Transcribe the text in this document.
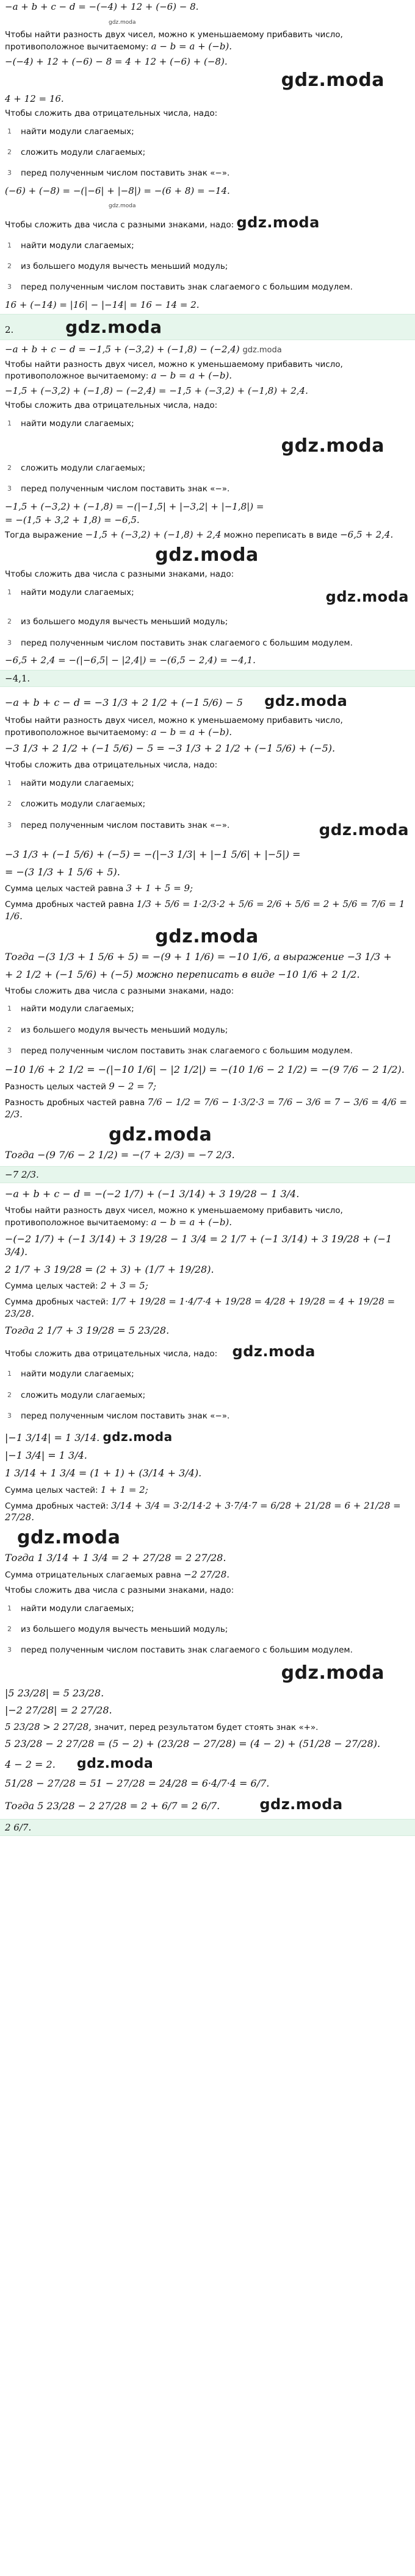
−a + b + c − d = −(−4) + 12 + (−6) − 8.
gdz.moda
Чтобы найти разность двух чисел, можно к уменьшаемому прибавить число, противоположное вычитаемому: a − b = a + (−b).
−(−4) + 12 + (−6) − 8 = 4 + 12 + (−6) + (−8).
gdz.moda
4 + 12 = 16.
Чтобы сложить два отрицательных числа, надо:
1	найти модули слагаемых;
2	сложить модули слагаемых;
3	перед полученным числом поставить знак «−».
(−6) + (−8) = −(|−6| + |−8|) = −(6 + 8) = −14.
gdz.moda
Чтобы сложить два числа с разными знаками, надо: gdz.moda
1	найти модули слагаемых;
2	из большего модуля вычесть меньший модуль;
3	перед полученным числом поставить знак слагаемого с большим модулем.
16 + (−14) = |16| − |−14| = 16 − 14 = 2.
2.	gdz.moda
−a + b + c − d = −1,5 + (−3,2) + (−1,8) − (−2,4) gdz.moda
Чтобы найти разность двух чисел, можно к уменьшаемому прибавить число, противоположное вычитаемому: a − b = a + (−b).
−1,5 + (−3,2) + (−1,8) − (−2,4) = −1,5 + (−3,2) + (−1,8) + 2,4.
Чтобы сложить два отрицательных числа, надо:
1	найти модули слагаемых;
gdz.moda
2	сложить модули слагаемых;
3	перед полученным числом поставить знак «−».
−1,5 + (−3,2) + (−1,8) = −(|−1,5| + |−3,2| + |−1,8|) =
= −(1,5 + 3,2 + 1,8) = −6,5.
Тогда выражение −1,5 + (−3,2) + (−1,8) + 2,4 можно переписать в виде −6,5 + 2,4.
gdz.moda
Чтобы сложить два числа с разными знаками, надо:
1	найти модули слагаемых;	gdz.moda
2	из большего модуля вычесть меньший модуль;
3	перед полученным числом поставить знак слагаемого с большим модулем.
−6,5 + 2,4 = −(|−6,5| − |2,4|) = −(6,5 − 2,4) = −4,1.
−4,1.
−a + b + c − d = −3 1/3 + 2 1/2 + (−1 5/6) − 5 gdz.moda
Чтобы найти разность двух чисел, можно к уменьшаемому прибавить число, противоположное вычитаемому: a − b = a + (−b).
−3 1/3 + 2 1/2 + (−1 5/6) − 5 = −3 1/3 + 2 1/2 + (−1 5/6) + (−5).
Чтобы сложить два отрицательных числа, надо:
1	найти модули слагаемых;
2	сложить модули слагаемых;
3	перед полученным числом поставить знак «−».	gdz.moda
−3 1/3 + (−1 5/6) + (−5) = −(|−3 1/3| + |−1 5/6| + |−5|) =
= −(3 1/3 + 1 5/6 + 5).
Сумма целых частей равна 3 + 1 + 5 = 9;
Сумма дробных частей равна 1/3 + 5/6 = 1·2/3·2 + 5/6 = 2/6 + 5/6 = 2 + 5/6 = 7/6 = 1 1/6.
gdz.moda
Тогда −(3 1/3 + 1 5/6 + 5) = −(9 + 1 1/6) = −10 1/6, а выражение −3 1/3 +
+ 2 1/2 + (−1 5/6) + (−5) можно переписать в виде −10 1/6 + 2 1/2.
Чтобы сложить два числа с разными знаками, надо:
1	найти модули слагаемых;
2	из большего модуля вычесть меньший модуль;
3	перед полученным числом поставить знак слагаемого с большим модулем.
−10 1/6 + 2 1/2 = −(|−10 1/6| − |2 1/2|) = −(10 1/6 − 2 1/2) = −(9 7/6 − 2 1/2).
Разность целых частей 9 − 2 = 7;
Разность дробных частей равна 7/6 − 1/2 = 7/6 − 1·3/2·3 = 7/6 − 3/6 = 7 − 3/6 = 4/6 = 2/3.
gdz.moda
Тогда −(9 7/6 − 2 1/2) = −(7 + 2/3) = −7 2/3.
−7 2/3.
−a + b + c − d = −(−2 1/7) + (−1 3/14) + 3 19/28 − 1 3/4.
Чтобы найти разность двух чисел, можно к уменьшаемому прибавить число, противоположное вычитаемому: a − b = a + (−b).
−(−2 1/7) + (−1 3/14) + 3 19/28 − 1 3/4 = 2 1/7 + (−1 3/14) + 3 19/28 + (−1 3/4).
2 1/7 + 3 19/28 = (2 + 3) + (1/7 + 19/28).
Сумма целых частей: 2 + 3 = 5;
Сумма дробных частей: 1/7 + 19/28 = 1·4/7·4 + 19/28 = 4/28 + 19/28 = 4 + 19/28 = 23/28.
Тогда 2 1/7 + 3 19/28 = 5 23/28.
Чтобы сложить два отрицательных числа, надо: gdz.moda
1	найти модули слагаемых;
2	сложить модули слагаемых;
3	перед полученным числом поставить знак «−».
|−1 3/14| = 1 3/14. gdz.moda
|−1 3/4| = 1 3/4.
1 3/14 + 1 3/4 = (1 + 1) + (3/14 + 3/4).
Сумма целых частей: 1 + 1 = 2;
Сумма дробных частей: 3/14 + 3/4 = 3·2/14·2 + 3·7/4·7 = 6/28 + 21/28 = 6 + 21/28 = 27/28.
gdz.moda
Тогда 1 3/14 + 1 3/4 = 2 + 27/28 = 2 27/28.
Сумма отрицательных слагаемых равна −2 27/28.
Чтобы сложить два числа с разными знаками, надо:
1	найти модули слагаемых;
2	из большего модуля вычесть меньший модуль;
3	перед полученным числом поставить знак слагаемого с большим модулем.
gdz.moda
|5 23/28| = 5 23/28.
|−2 27/28| = 2 27/28.
5 23/28 > 2 27/28, значит, перед результатом будет стоять знак «+».
5 23/28 − 2 27/28 = (5 − 2) + (23/28 − 27/28) = (4 − 2) + (51/28 − 27/28).
4 − 2 = 2. gdz.moda
51/28 − 27/28 = 51 − 27/28 = 24/28 = 6·4/7·4 = 6/7.
Тогда 5 23/28 − 2 27/28 = 2 + 6/7 = 2 6/7.	gdz.moda
2 6/7.
